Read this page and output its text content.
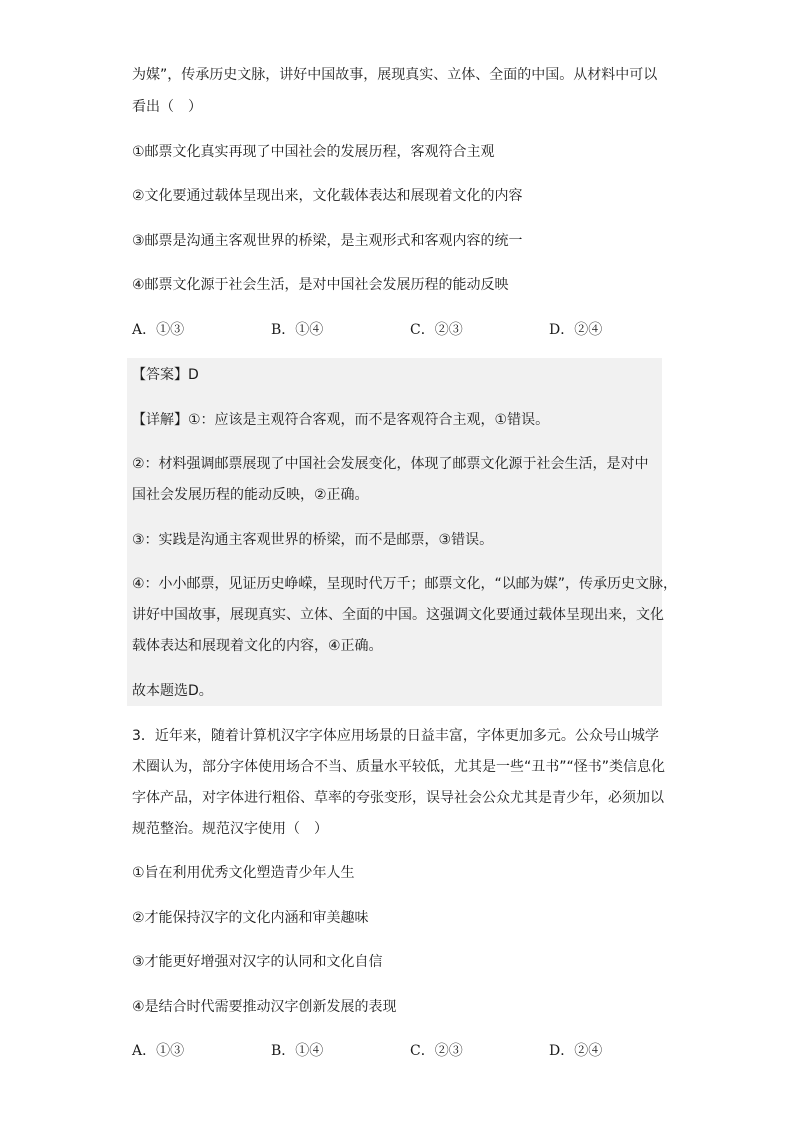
为媒”，传承历史文脉，讲好中国故事，展现真实、立体、全面的中国。从材料中可以
看出（　）
①邮票文化真实再现了中国社会的发展历程，客观符合主观
②文化要通过载体呈现出来，文化载体表达和展现着文化的内容
③邮票是沟通主客观世界的桥梁，是主观形式和客观内容的统一
④邮票文化源于社会生活，是对中国社会发展历程的能动反映
A．①③	B．①④	C．②③	D．②④
【答案】D
【详解】①：应该是主观符合客观，而不是客观符合主观，①错误。
②：材料强调邮票展现了中国社会发展变化，体现了邮票文化源于社会生活，是对中
国社会发展历程的能动反映，②正确。
③：实践是沟通主客观世界的桥梁，而不是邮票，③错误。
④：小小邮票，见证历史峥嵘，呈现时代万千；邮票文化，“以邮为媒”，传承历史文脉，
讲好中国故事，展现真实、立体、全面的中国。这强调文化要通过载体呈现出来，文化
载体表达和展现着文化的内容，④正确。
故本题选D。
3．近年来，随着计算机汉字字体应用场景的日益丰富，字体更加多元。公众号山城学
术圈认为，部分字体使用场合不当、质量水平较低，尤其是一些“丑书”“怪书”类信息化
字体产品，对字体进行粗俗、草率的夸张变形，误导社会公众尤其是青少年，必须加以
规范整治。规范汉字使用（　）
①旨在利用优秀文化塑造青少年人生
②才能保持汉字的文化内涵和审美趣味
③才能更好增强对汉字的认同和文化自信
④是结合时代需要推动汉字创新发展的表现
A．①③	B．①④	C．②③	D．②④
